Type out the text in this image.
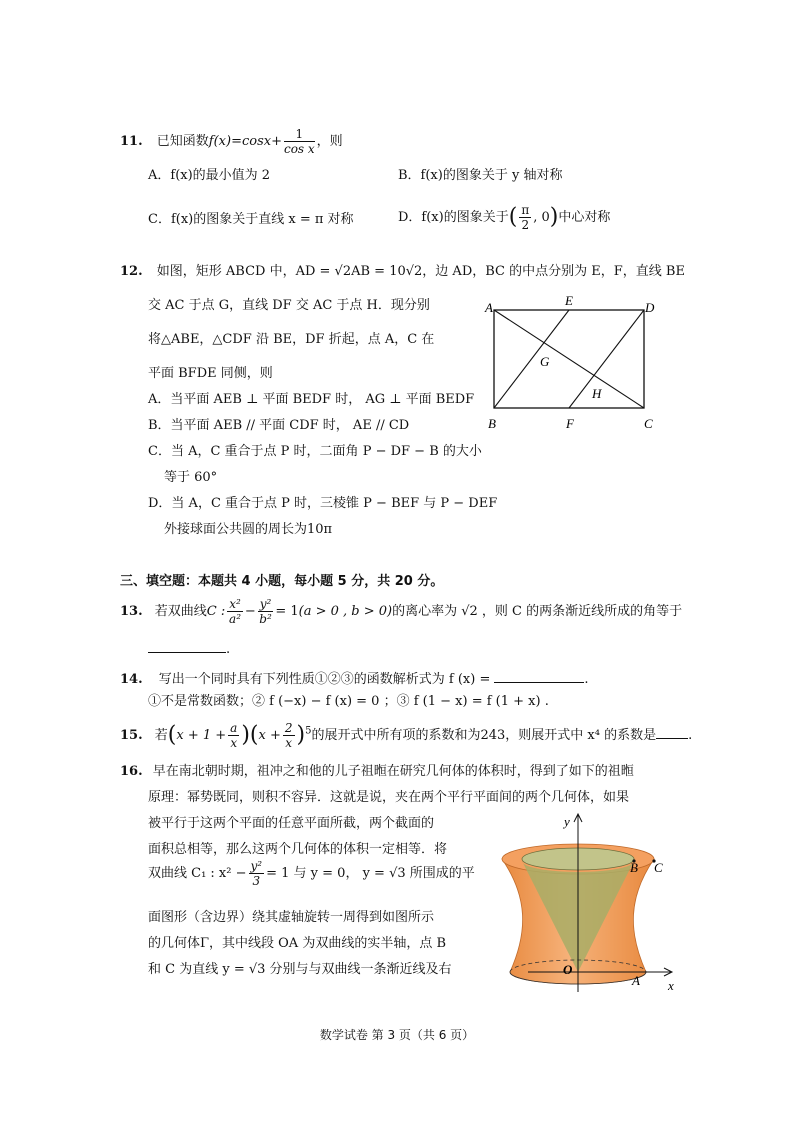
11. 已知函数$f(x)=\cos x+ \frac{1}{\text{cos x}}$ ，则
A．f(x)的最小值为 2	B．f(x)的图象关于 y 轴对称
C．f(x)的图象关于直线 x = π 对称	D．f(x)的图象关于( $\frac{\pi}{2}$ , 0)中心对称
12. 如图，矩形 ABCD 中，AD = √2AB = 10√2，边 AD，BC 的中点分别为 E，F，直线 BE
交 AC 于点 G，直线 DF 交 AC 于点 H．现分别
将△ABE，△CDF 沿 BE，DF 折起，点 A，C 在
平面 BFDE 同侧，则
A．当平面 AEB ⊥ 平面 BEDF 时， AG ⊥ 平面 BEDF
B．当平面 AEB // 平面 CDF 时， AE // CD
C．当 A，C 重合于点 P 时，二面角 P − DF − B 的大小
等于 60°
D．当 A，C 重合于点 P 时，三棱锥 P − BEF 与 P − DEF
外接球面公共圆的周长为10π
A	E	D
G
H
B	F	C
三、填空题：本题共 4 小题，每小题 5 分，共 20 分。
13. 若双曲线C : $\frac{\text{x²}}{\text{a²}} - \frac{\text{y²}}{\text{b²}} = 1(a > 0$ , b > 0)的离心率为 √2 ，则 C 的两条渐近线所成的角等于
.
14. 写出一个同时具有下列性质①②③的函数解析式为 f (x) =	.
①不是常数函数；② f (−x) − f (x) = 0 ；③ f (1 − x) = f (1 + x) .
15. 若$(x + 1 + \frac{a}{x} )(x + \frac{2}{x} )^5$的展开式中所有项的系数和为243，则展开式中 x⁴ 的系数是 .
16. 早在南北朝时期，祖冲之和他的儿子祖暅在研究几何体的体积时，得到了如下的祖暅
原理：幂势既同，则积不容异．这就是说，夹在两个平行平面间的两个几何体，如果
被平行于这两个平面的任意平面所截，两个截面的
面积总相等，那么这两个几何体的体积一定相等．将
双曲线 C₁ : $x^2 - \frac{\text{y²}}{3} = 1$ 与 y = 0， y = √3 所围成的平
面图形（含边界）绕其虚轴旋转一周得到如图所示
的几何体Γ，其中线段 OA 为双曲线的实半轴，点 B
和 C 为直线 y = √3 分别与与双曲线一条渐近线及右
y
x
O
A
B C
数学试卷 第 3 页（共 6 页）
